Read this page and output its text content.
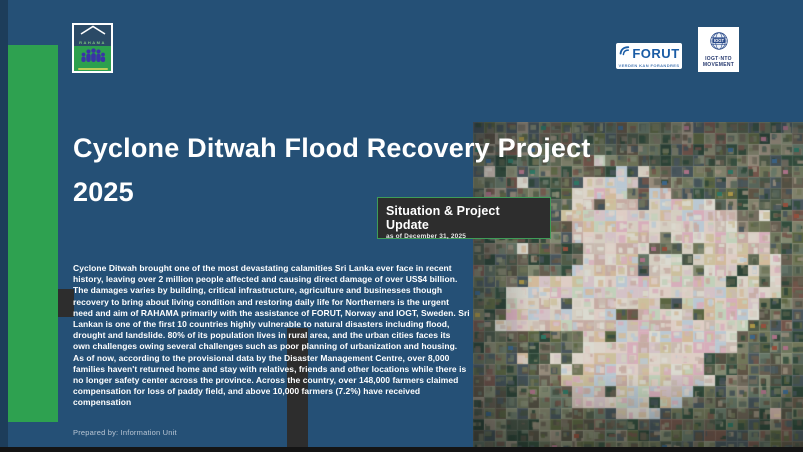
RAHAMA
FORUT
VERDEN KAN FORANDRES
IOGT
IOGT·NTO
MOVEMENT
Cyclone Ditwah Flood Recovery Project
2025
Situation & Project Update
as of December 31, 2025
Cyclone Ditwah brought one of the most devastating calamities Sri Lanka ever face in recent history, leaving over 2 million people affected and causing direct damage of over US$4 billion. The damages varies by building, critical infrastructure, agriculture and businesses though recovery to bring about living condition and restoring daily life for Northerners is the urgent need and aim of RAHAMA primarily with the assistance of FORUT, Norway and IOGT, Sweden. Sri Lankan is one of the first 10 countries highly vulnerable to natural disasters including flood, drought and landslide. 80% of its population lives in rural area, and the urban cities faces its own challenges owing several challenges such as poor planning of urbanization and housing. As of now, according to the provisional data by the Disaster Management Centre, over 8,000 families haven't returned home and stay with relatives, friends and other locations while there is no longer safety center across the province. Across the country, over 148,000 farmers claimed compensation for loss of paddy field, and above 10,000 farmers (7.2%) have received compensation
Prepared by: Information Unit
